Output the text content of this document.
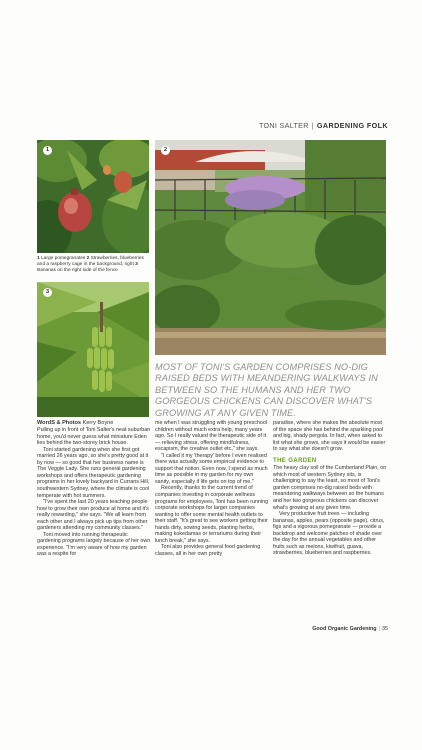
TONI SALTER | GARDENING FOLK
1	2
3
1 Large pomegranates 2 Strawberries, blueberries and a raspberry cage in the background, right 3 Bananas on the right side of the fence
MOST OF TONI'S GARDEN COMPRISES NO-DIG RAISED BEDS WITH MEANDERING WALKWAYS IN BETWEEN SO THE HUMANS AND HER TWO GORGEOUS CHICKENS CAN DISCOVER WHAT'S GROWING AT ANY GIVEN TIME.
WordS & Photos Kerry Boyne

Pulling up in front of Toni Salter's neat suburban home, you'd never guess what miniature Eden lies behind the two-storey brick house.

Toni started gardening when she first got married 26 years ago, so she's pretty good at it by now — so good that her business name is The Veggie Lady. She runs general gardening workshops and offers therapeutic gardening programs in her lovely backyard in Currans Hill, southwestern Sydney, where the climate is cool temperate with hot summers.

"I've spent the last 20 years teaching people how to grow their own produce at home and it's really rewarding," she says. "We all learn from each other and I always pick up tips from other gardeners attending my community classes."

Toni moved into running therapeutic gardening programs largely because of her own experience. "I'm very aware of how my garden was a respite for

me when I was struggling with young preschool children without much extra help, many years ago. So I really valued the therapeutic side of it — relieving stress, offering mindfulness, escapism, the creative outlet etc," she says.

"I called it my 'therapy' before I even realised there was actually some empirical evidence to support that notion. Even now, I spend as much time as possible in my garden for my own sanity, especially if life gets on top of me."

Recently, thanks to the current trend of companies investing in corporate wellness programs for employees, Toni has been running corporate workshops for larger companies wanting to offer some mental health outlets to their staff. "It's great to see workers getting their hands dirty, sowing seeds, planting herbs, making kokedamas or terrariums during their lunch break," she says.

Toni also provides general food gardening classes, all in her own pretty

paradise, where she makes the absolute most of the space she has behind the sparkling pool and big, shady pergola. In fact, when asked to list what she grows, she says it would be easier to say what she doesn't grow.

THE GARDEN

The heavy clay soil of the Cumberland Plain, on which most of western Sydney sits, is challenging to say the least, so most of Toni's garden comprises no-dig raised beds with meandering walkways between so the humans and her two gorgeous chickens can discover what's growing at any given time.

Very productive fruit trees — including bananas, apples, pears (opposite page), citrus, figs and a vigorous pomegranate — provide a backdrop and welcome patches of shade over the day for the annual vegetables and other fruits such as melons, kiwifruit, guava, strawberries, blueberries and raspberries.

Good Organic Gardening | 35
